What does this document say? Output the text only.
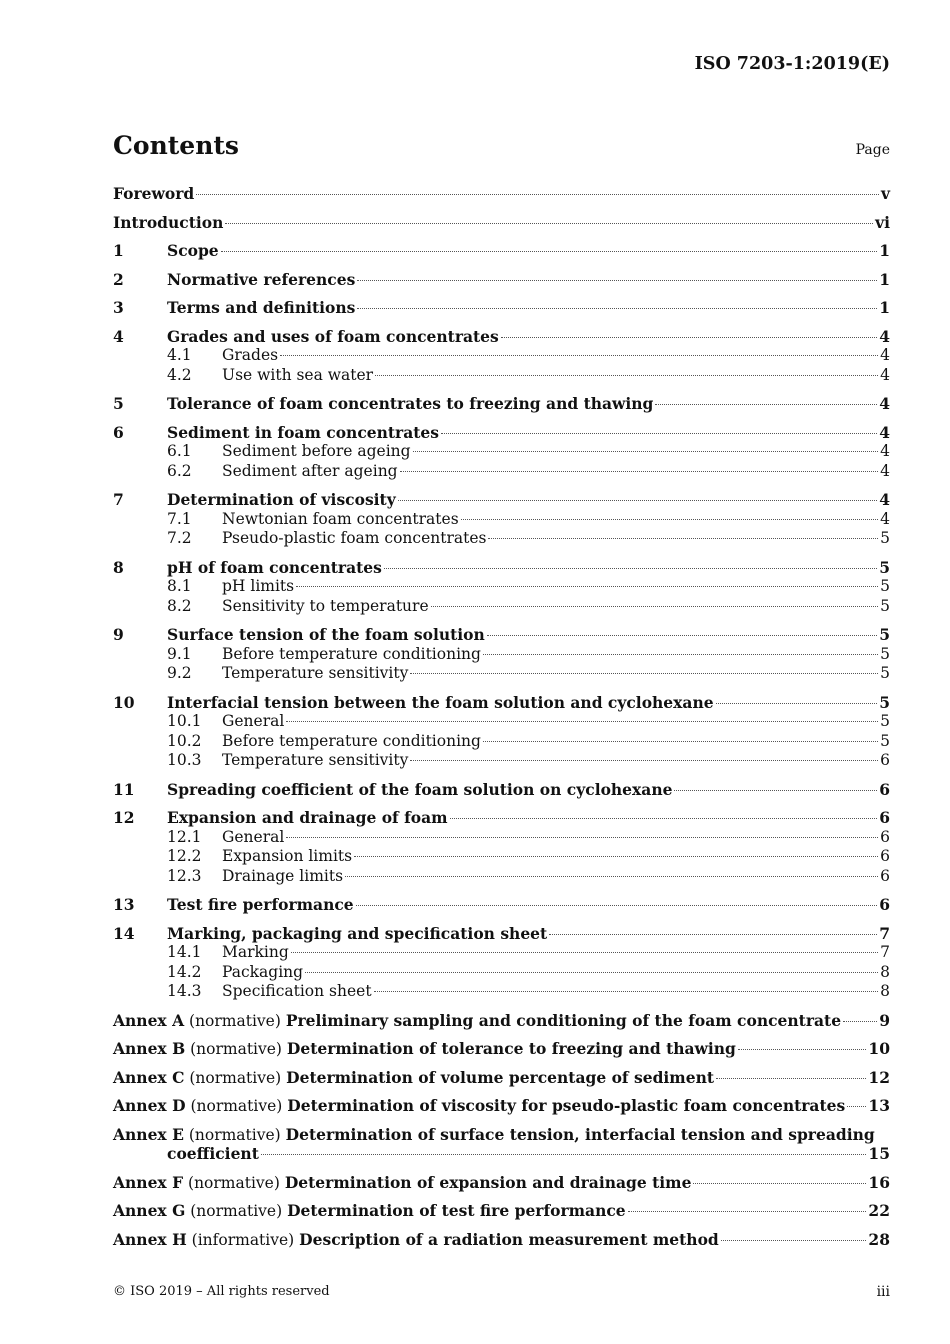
ISO 7203-1:2019(E)
Contents	Page
Foreword	v
Introduction	vi
1	Scope	1
2	Normative references	1
3	Terms and definitions	1
4	Grades and uses of foam concentrates	4
4.1	Grades	4
4.2	Use with sea water	4
5	Tolerance of foam concentrates to freezing and thawing	4
6	Sediment in foam concentrates	4
6.1	Sediment before ageing	4
6.2	Sediment after ageing	4
7	Determination of viscosity	4
7.1	Newtonian foam concentrates	4
7.2	Pseudo-plastic foam concentrates	5
8	pH of foam concentrates	5
8.1	pH limits	5
8.2	Sensitivity to temperature	5
9	Surface tension of the foam solution	5
9.1	Before temperature conditioning	5
9.2	Temperature sensitivity	5
10	Interfacial tension between the foam solution and cyclohexane	5
10.1	General	5
10.2	Before temperature conditioning	5
10.3	Temperature sensitivity	6
11	Spreading coefficient of the foam solution on cyclohexane	6
12	Expansion and drainage of foam	6
12.1	General	6
12.2	Expansion limits	6
12.3	Drainage limits	6
13	Test fire performance	6
14	Marking, packaging and specification sheet	7
14.1	Marking	7
14.2	Packaging	8
14.3	Specification sheet	8
Annex A (normative) Preliminary sampling and conditioning of the foam concentrate 9
Annex B (normative) Determination of tolerance to freezing and thawing	10
Annex C (normative) Determination of volume percentage of sediment	12
Annex D (normative) Determination of viscosity for pseudo-plastic foam concentrates 13
Annex E (normative) Determination of surface tension, interfacial tension and spreading
coefficient	15
Annex F (normative) Determination of expansion and drainage time	16
Annex G (normative) Determination of test fire performance	22
Annex H (informative) Description of a radiation measurement method	28
© ISO 2019 – All rights reserved	iii
